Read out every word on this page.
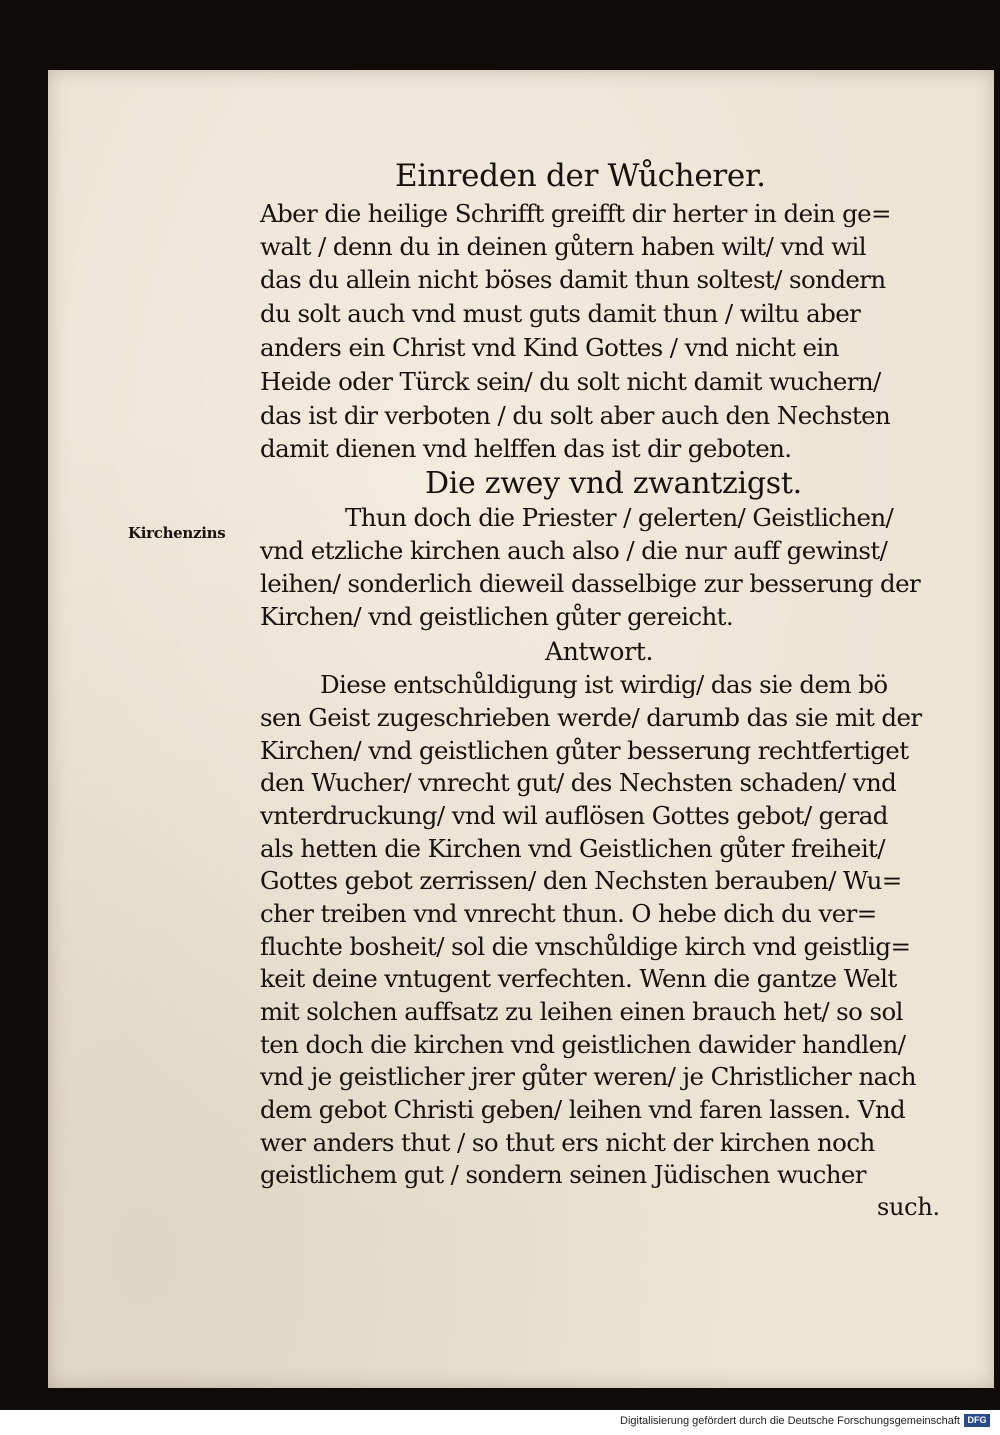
Einreden der Wůcherer.
Aber die heilige Schrifft greifft dir herter in dein ge=
walt / denn du in deinen gůtern haben wilt/ vnd wil
das du allein nicht böses damit thun soltest/ sondern
du solt auch vnd must guts damit thun / wiltu aber
anders ein Christ vnd Kind Gottes / vnd nicht ein
Heide oder Türck sein/ du solt nicht damit wuchern/
das ist dir verboten / du solt aber auch den Nechsten
damit dienen vnd helffen das ist dir geboten.
Die zwey vnd zwantzigst.
Kirchenzins
Thun doch die Priester / gelerten/ Geistlichen/
vnd etzliche kirchen auch also / die nur auff gewinst/
leihen/ sonderlich dieweil dasselbige zur besserung der
Kirchen/ vnd geistlichen gůter gereicht.
Antwort.
Diese entschůldigung ist wirdig/ das sie dem bö
sen Geist zugeschrieben werde/ darumb das sie mit der
Kirchen/ vnd geistlichen gůter besserung rechtfertiget
den Wucher/ vnrecht gut/ des Nechsten schaden/ vnd
vnterdruckung/ vnd wil auflösen Gottes gebot/ gerad
als hetten die Kirchen vnd Geistlichen gůter freiheit/
Gottes gebot zerrissen/ den Nechsten berauben/ Wu=
cher treiben vnd vnrecht thun. O hebe dich du ver=
fluchte bosheit/ sol die vnschůldige kirch vnd geistlig=
keit deine vntugent verfechten. Wenn die gantze Welt
mit solchen auffsatz zu leihen einen brauch het/ so sol
ten doch die kirchen vnd geistlichen dawider handlen/
vnd je geistlicher jrer gůter weren/ je Christlicher nach
dem gebot Christi geben/ leihen vnd faren lassen. Vnd
wer anders thut / so thut ers nicht der kirchen noch
geistlichem gut / sondern seinen Jüdischen wucher
such.
Digitalisierung gefördert durch die Deutsche Forschungsgemeinschaft DFG
